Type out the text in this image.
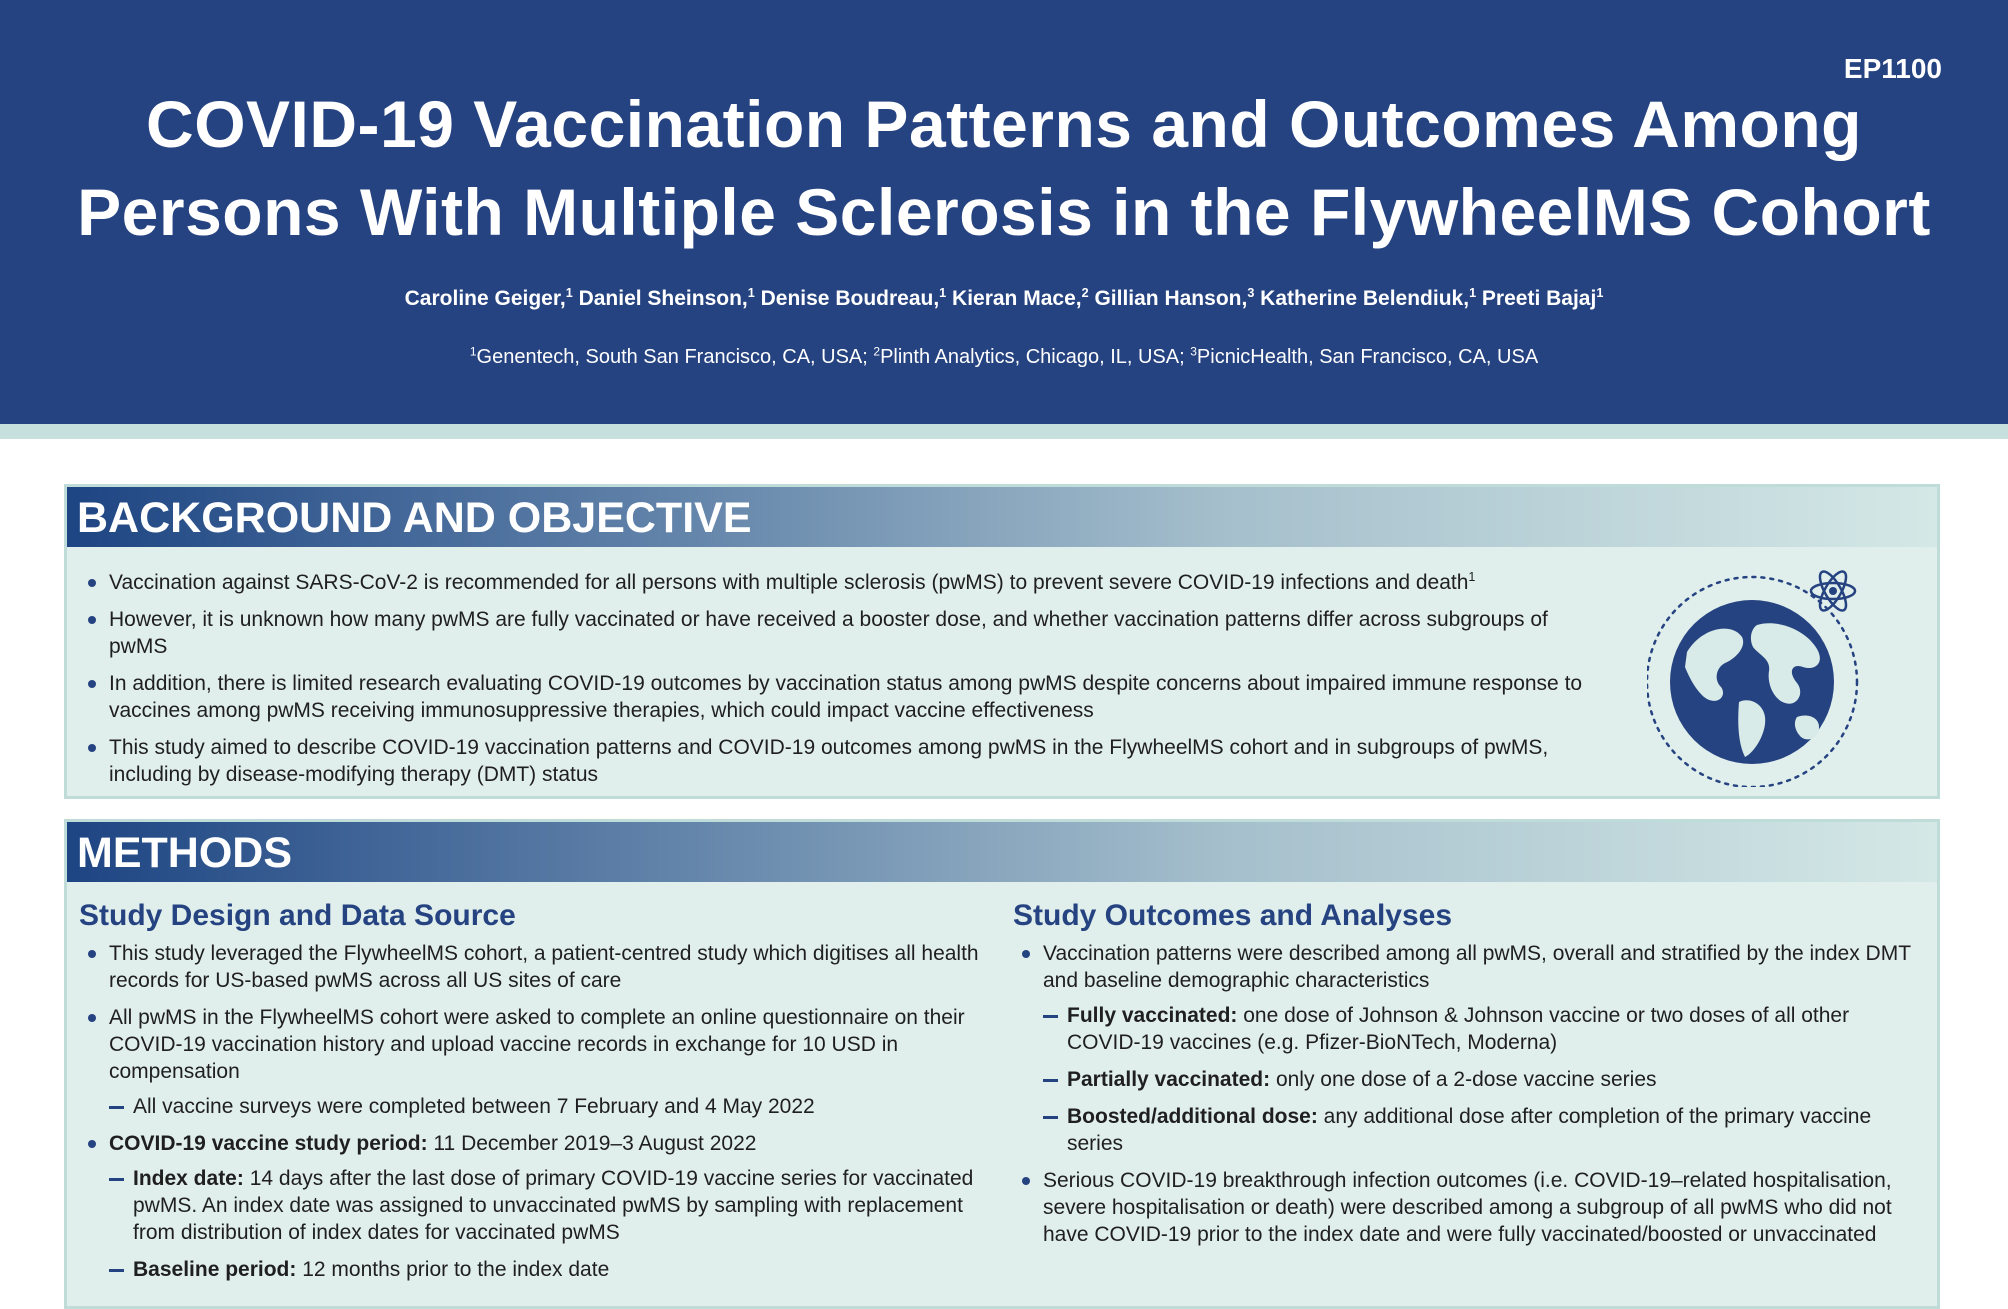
EP1100
COVID-19 Vaccination Patterns and Outcomes Among
Persons With Multiple Sclerosis in the FlywheelMS Cohort
Caroline Geiger,$^1$ Daniel Sheinson,$^1$ Denise Boudreau,$^1$ Kieran Mace,$^2$ Gillian Hanson,$^3$ Katherine Belendiuk,$^1$ Preeti Bajaj$^1$
$^1$Genentech, South San Francisco, CA, USA; $^2$Plinth Analytics, Chicago, IL, USA; $^3$PicnicHealth, San Francisco, CA, USA
BACKGROUND AND OBJECTIVE
Vaccination against SARS-CoV-2 is recommended for all persons with multiple sclerosis (pwMS) to prevent severe COVID-19 infections and death$^1$
However, it is unknown how many pwMS are fully vaccinated or have received a booster dose, and whether vaccination patterns differ across subgroups of pwMS
In addition, there is limited research evaluating COVID-19 outcomes by vaccination status among pwMS despite concerns about impaired immune response to vaccines among pwMS receiving immunosuppressive therapies, which could impact vaccine effectiveness
This study aimed to describe COVID-19 vaccination patterns and COVID-19 outcomes among pwMS in the FlywheelMS cohort and in subgroups of pwMS, including by disease-modifying therapy (DMT) status
METHODS
Study Design and Data Source
This study leveraged the FlywheelMS cohort, a patient-centred study which digitises all health records for US-based pwMS across all US sites of care
All pwMS in the FlywheelMS cohort were asked to complete an online questionnaire on their COVID-19 vaccination history and upload vaccine records in exchange for 10 USD in compensation
All vaccine surveys were completed between 7 February and 4 May 2022
COVID-19 vaccine study period: 11 December 2019–3 August 2022
Index date: 14 days after the last dose of primary COVID-19 vaccine series for vaccinated pwMS. An index date was assigned to unvaccinated pwMS by sampling with replacement from distribution of index dates for vaccinated pwMS
Baseline period: 12 months prior to the index date
Study Outcomes and Analyses
Vaccination patterns were described among all pwMS, overall and stratified by the index DMT and baseline demographic characteristics
Fully vaccinated: one dose of Johnson & Johnson vaccine or two doses of all other COVID-19 vaccines (e.g. Pfizer-BioNTech, Moderna)
Partially vaccinated: only one dose of a 2-dose vaccine series
Boosted/additional dose: any additional dose after completion of the primary vaccine series
Serious COVID-19 breakthrough infection outcomes (i.e. COVID-19–related hospitalisation, severe hospitalisation or death) were described among a subgroup of all pwMS who did not have COVID-19 prior to the index date and were fully vaccinated/boosted or unvaccinated
